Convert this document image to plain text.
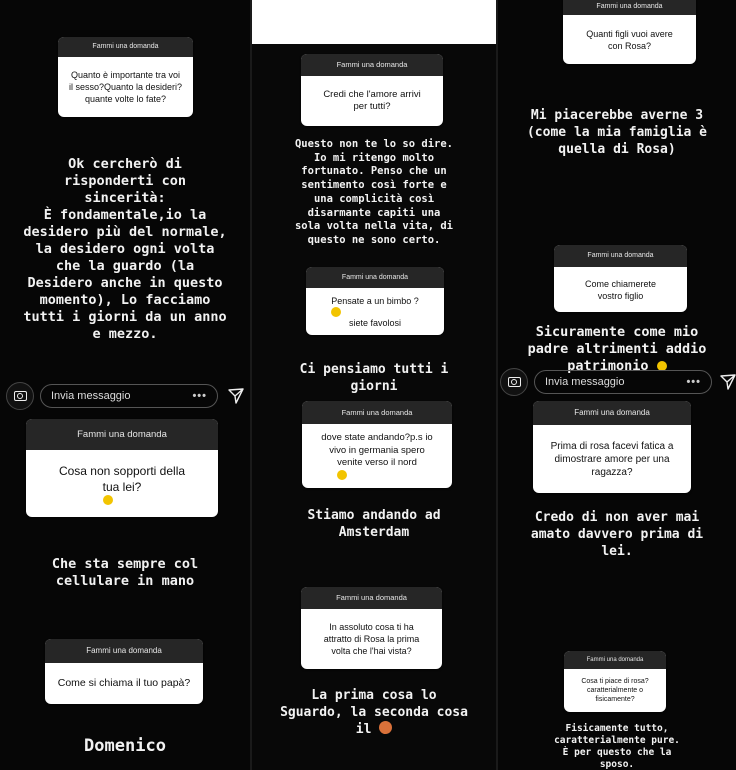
Fammi una domanda
Quanto è importante tra voi
il sesso?Quanto la desideri?
quante volte lo fate?
Ok cercherò di
risponderti con
sincerità:
È fondamentale,io la
desidero più del normale,
la desidero ogni volta
che la guardo (la
Desidero anche in questo
momento), Lo facciamo
tutti i giorni da un anno
e mezzo.
Invia messaggio	•••
Fammi una domanda
Cosa non sopporti della
tua lei?
Che sta sempre col
cellulare in mano
Fammi una domanda
Come si chiama il tuo papà?
Domenico
Fammi una domanda
Credi che l'amore arrivi
per tutti?
Questo non te lo so dire.
Io mi ritengo molto
fortunato. Penso che un
sentimento così forte e
una complicità così
disarmante capiti una
sola volta nella vita, di
questo ne sono certo.
Fammi una domanda
Pensate a un bimbo ?
siete favolosi
Ci pensiamo tutti i
giorni
Fammi una domanda
dove state andando?p.s io
vivo in germania spero
venite verso il nord
Stiamo andando ad
Amsterdam
Fammi una domanda
In assoluto cosa ti ha
attratto di Rosa la prima
volta che l'hai vista?
La prima cosa lo
Sguardo, la seconda cosa
il
Fammi una domanda
Quanti figli vuoi avere
con Rosa?
Mi piacerebbe averne 3
(come la mia famiglia è
quella di Rosa)
Fammi una domanda
Come chiamerete
vostro figlio
Sicuramente come mio
padre altrimenti addio
patrimonio
Invia messaggio	•••
Fammi una domanda
Prima di rosa facevi fatica a
dimostrare amore per una
ragazza?
Credo di non aver mai
amato davvero prima di
lei.
Fammi una domanda
Cosa ti piace di rosa?
caratterialmente o
fisicamente?
Fisicamente tutto,
caratterialmente pure.
È per questo che la
sposo.
